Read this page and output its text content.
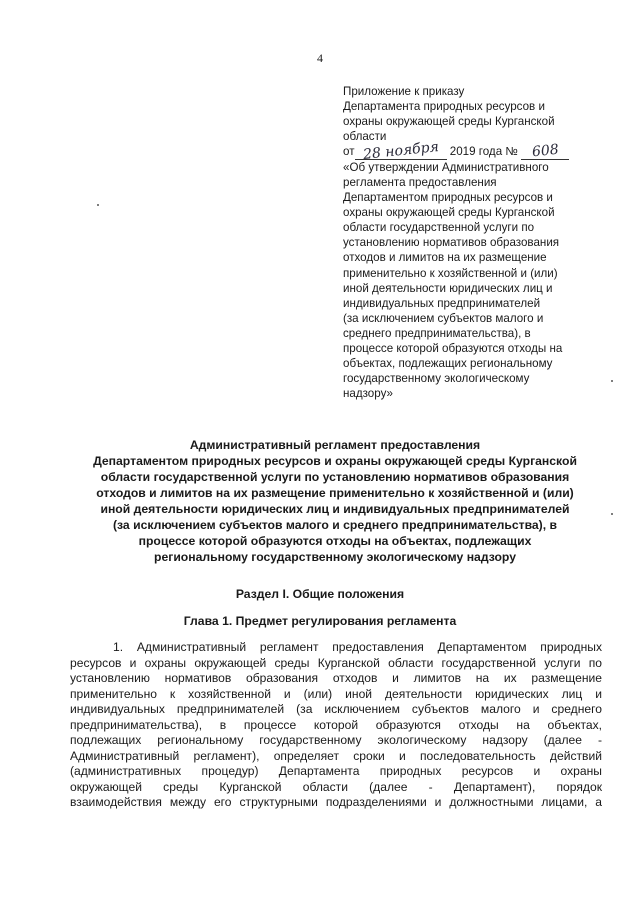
4
Приложение к приказу
Департамента природных ресурсов и
охраны окружающей среды Курганской
области
от 28 ноября 2019 года № 608
«Об утверждении Административного
регламента предоставления
Департаментом природных ресурсов и
охраны окружающей среды Курганской
области государственной услуги по
установлению нормативов образования
отходов и лимитов на их размещение
применительно к хозяйственной и (или)
иной деятельности юридических лиц и
индивидуальных предпринимателей
(за исключением субъектов малого и
среднего предпринимательства), в
процессе которой образуются отходы на
объектах, подлежащих региональному
государственному экологическому
надзору»
Административный регламент предоставления
Департаментом природных ресурсов и охраны окружающей среды Курганской
области государственной услуги по установлению нормативов образования
отходов и лимитов на их размещение применительно к хозяйственной и (или)
иной деятельности юридических лиц и индивидуальных предпринимателей
(за исключением субъектов малого и среднего предпринимательства), в
процессе которой образуются отходы на объектах, подлежащих
региональному государственному экологическому надзору
Раздел I. Общие положения
Глава 1. Предмет регулирования регламента
1. Административный регламент предоставления Департаментом природных
ресурсов и охраны окружающей среды Курганской области государственной услуги по
установлению нормативов образования отходов и лимитов на их размещение
применительно к хозяйственной и (или) иной деятельности юридических лиц и
индивидуальных предпринимателей (за исключением субъектов малого и среднего
предпринимательства), в процессе которой образуются отходы на объектах,
подлежащих региональному государственному экологическому надзору (далее -
Административный регламент), определяет сроки и последовательность действий
(административных процедур) Департамента природных ресурсов и охраны
окружающей среды Курганской области (далее - Департамент), порядок
взаимодействия между его структурными подразделениями и должностными лицами, а
